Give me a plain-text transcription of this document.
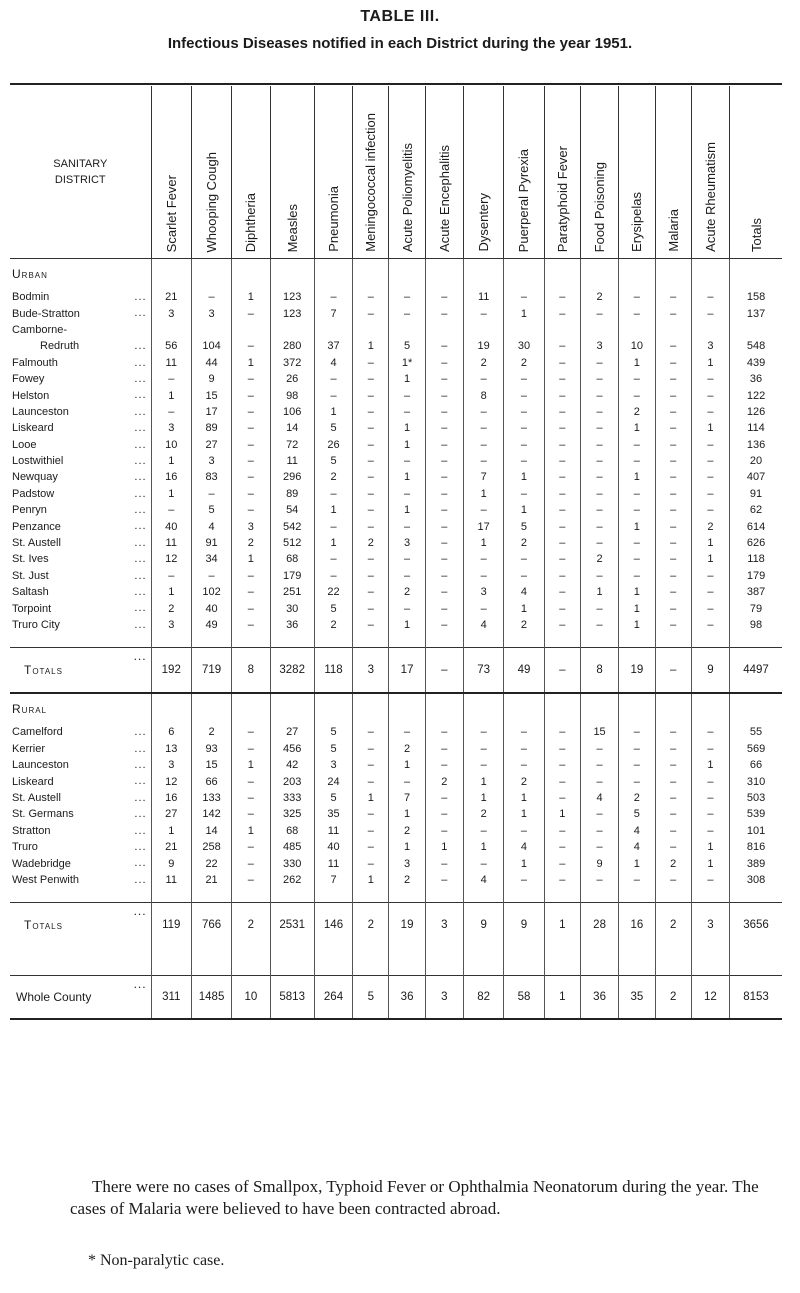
TABLE III.
Infectious Diseases notified in each District during the year 1951.
SANITARY
DISTRICT	Scarlet Fever	Whooping Cough	Diphtheria	Measles	Pneumonia	Meningococcal infection	Acute Poliomyelitis	Acute Encephalitis	Dysentery	Puerperal Pyrexia	Paratyphoid Fever	Food Poisoning	Erysipelas	Malaria	Acute Rheumatism	Totals

Urban																
Bodmin ...	21	–	1	123	–	–	–	–	11	–	–	2	–	–	–	158
Bude-Stratton ...	3	3	–	123	7	–	–	–	–	1	–	–	–	–	–	137
Camborne-																
Redruth ...	56	104	–	280	37	1	5	–	19	30	–	3	10	–	3	548
Falmouth ...	11	44	1	372	4	–	1*	–	2	2	–	–	1	–	1	439
Fowey ...	–	9	–	26	–	–	1	–	–	–	–	–	–	–	–	36
Helston ...	1	15	–	98	–	–	–	–	8	–	–	–	–	–	–	122
Launceston ...	–	17	–	106	1	–	–	–	–	–	–	–	2	–	–	126
Liskeard ...	3	89	–	14	5	–	1	–	–	–	–	–	1	–	1	114
Looe ...	10	27	–	72	26	–	1	–	–	–	–	–	–	–	–	136
Lostwithiel ...	1	3	–	11	5	–	–	–	–	–	–	–	–	–	–	20
Newquay ...	16	83	–	296	2	–	1	–	7	1	–	–	1	–	–	407
Padstow ...	1	–	–	89	–	–	–	–	1	–	–	–	–	–	–	91
Penryn ...	–	5	–	54	1	–	1	–	–	1	–	–	–	–	–	62
Penzance ...	40	4	3	542	–	–	–	–	17	5	–	–	1	–	2	614
St. Austell ...	11	91	2	512	1	2	3	–	1	2	–	–	–	–	1	626
St. Ives ...	12	34	1	68	–	–	–	–	–	–	–	2	–	–	1	118
St. Just ...	–	–	–	179	–	–	–	–	–	–	–	–	–	–	–	179
Saltash ...	1	102	–	251	22	–	2	–	3	4	–	1	1	–	–	387
Torpoint ...	2	40	–	30	5	–	–	–	–	1	–	–	1	–	–	79
Truro City ...	3	49	–	36	2	–	1	–	4	2	–	–	1	–	–	98

Totals
...	192	719	8	3282	118	3	17	–	73	49	–	8	19	–	9	4497

Rural																
Camelford ...	6	2	–	27	5	–	–	–	–	–	–	15	–	–	–	55
Kerrier ...	13	93	–	456	5	–	2	–	–	–	–	–	–	–	–	569
Launceston ...	3	15	1	42	3	–	1	–	–	–	–	–	–	–	1	66
Liskeard ...	12	66	–	203	24	–	–	2	1	2	–	–	–	–	–	310
St. Austell ...	16	133	–	333	5	1	7	–	1	1	–	4	2	–	–	503
St. Germans ...	27	142	–	325	35	–	1	–	2	1	1	–	5	–	–	539
Stratton ...	1	14	1	68	11	–	2	–	–	–	–	–	4	–	–	101
Truro ...	21	258	–	485	40	–	1	1	1	4	–	–	4	–	1	816
Wadebridge ...	9	22	–	330	11	–	3	–	–	1	–	9	1	2	1	389
West Penwith ...	11	21	–	262	7	1	2	–	4	–	–	–	–	–	–	308

Totals
...	119	766	2	2531	146	2	19	3	9	9	1	28	16	2	3	3656

Whole County
...	311	1485	10	5813	264	5	36	3	82	58	1	36	35	2	12	8153

There were no cases of Smallpox, Typhoid Fever or Ophthalmia Neonatorum during the year. The cases of Malaria were believed to have been contracted abroad.
* Non-paralytic case.
